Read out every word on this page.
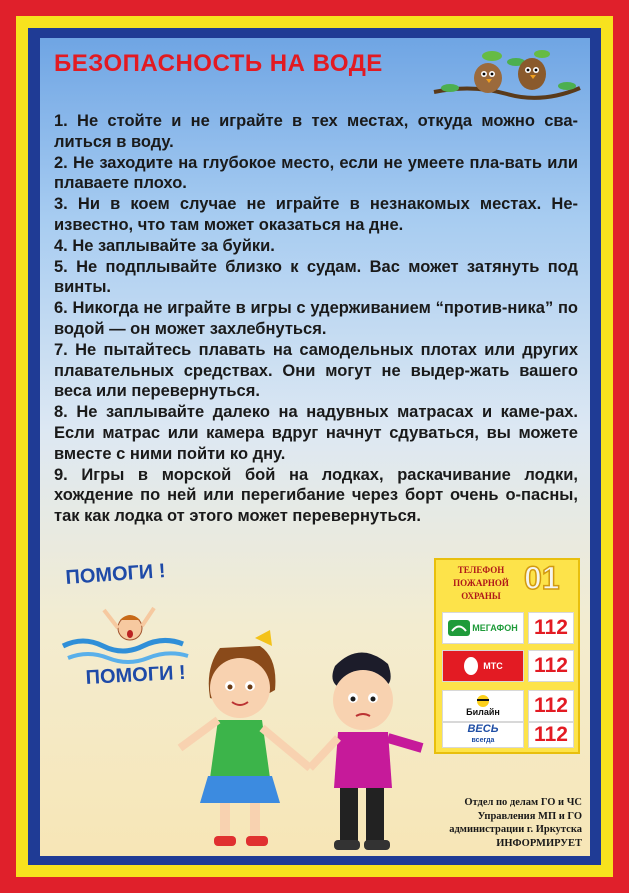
БЕЗОПАСНОСТЬ НА ВОДЕ
1. Не стойте и не играйте в тех местах, откуда можно сва-литься в воду.
2. Не заходите на глубокое место, если не умеете пла-вать или плаваете плохо.
3. Ни в коем случае не играйте в незнакомых местах. Не-известно, что там может оказаться на дне.
4. Не заплывайте за буйки.
5. Не подплывайте близко к судам. Вас может затянуть под винты.
6. Никогда не играйте в игры с удерживанием “против-ника” по водой — он может захлебнуться.
7. Не пытайтесь плавать на самодельных плотах или других плавательных средствах. Они могут не выдер-жать вашего веса или перевернуться.
8. Не заплывайте далеко на надувных матрасах и каме-рах. Если матрас или камера вдруг начнут сдуваться, вы можете вместе с ними пойти ко дну.
9. Игры в морской бой на лодках, раскачивание лодки, хождение по ней или перегибание через борт очень о-пасны, так как лодка от этого может перевернуться.
ПОМОГИ !
ПОМОГИ !
ТЕЛЕФОН
ПОЖАРНОЙ
ОХРАНЫ 01
МЕГАФОН 112
МТС 112
Билайн 112
ВЕСЬ
всегда 112
Отдел по делам ГО и ЧС
Управления МП и ГО
администрации г. Иркутска
ИНФОРМИРУЕТ
